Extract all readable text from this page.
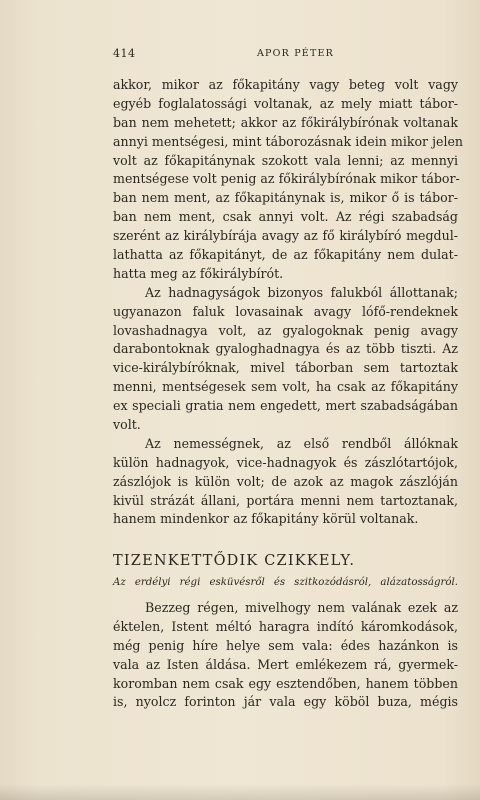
414	APOR PÉTER
akkor, mikor az főkapitány vagy beteg volt vagy
egyéb foglalatossági voltanak, az mely miatt tábor-
ban nem mehetett; akkor az főkirálybírónak voltanak
annyi mentségesi, mint táborozásnak idein mikor jelen
volt az főkapitánynak szokott vala lenni; az mennyi
mentségese volt penig az főkirálybírónak mikor tábor-
ban nem ment, az főkapitánynak is, mikor ő is tábor-
ban nem ment, csak annyi volt. Az régi szabadság
szerént az királybírája avagy az fő királybíró megdul-
lathatta az főkapitányt, de az főkapitány nem dulat-
hatta meg az főkirálybírót.
Az hadnagyságok bizonyos falukból állottanak;
ugyanazon faluk lovasainak avagy lófő-rendeknek
lovashadnagya volt, az gyalogoknak penig avagy
darabontoknak gyaloghadnagya és az több tiszti. Az
vice-királybíróknak, mivel táborban sem tartoztak
menni, mentségesek sem volt, ha csak az főkapitány
ex speciali gratia nem engedett, mert szabadságában
volt.
Az nemességnek, az első rendből állóknak
külön hadnagyok, vice-hadnagyok és zászlótartójok,
zászlójok is külön volt; de azok az magok zászlóján
kivül strázát állani, portára menni nem tartoztanak,
hanem mindenkor az főkapitány körül voltanak.
TIZENKETTŐDIK CZIKKELY.
Az erdélyi régi esküvésről és szitkozódásról, alázatosságról.
Bezzeg régen, mivelhogy nem valának ezek az
éktelen, Istent méltó haragra indító káromkodások,
még penig híre helye sem vala: édes hazánkon is
vala az Isten áldása. Mert emlékezem rá, gyermek-
koromban nem csak egy esztendőben, hanem többen
is, nyolcz forinton jár vala egy köböl buza, mégis
